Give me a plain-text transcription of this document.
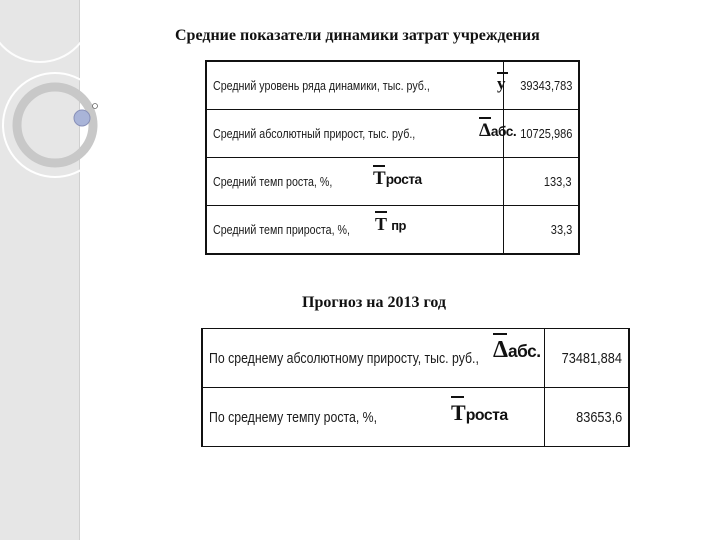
Средние показатели динамики затрат учреждения
Средний уровень ряда динамики, тыс. руб., y	39343,783
Средний абсолютный прирост, тыс. руб., Δабс.	10725,986
Средний темп роста, %, Tроста	133,3
Средний темп прироста, %, T пр	33,3
Прогноз на 2013 год
По среднему абсолютному приросту, тыс. руб., Δабс.	73481,884
По среднему темпу роста, %, Tроста	83653,6
